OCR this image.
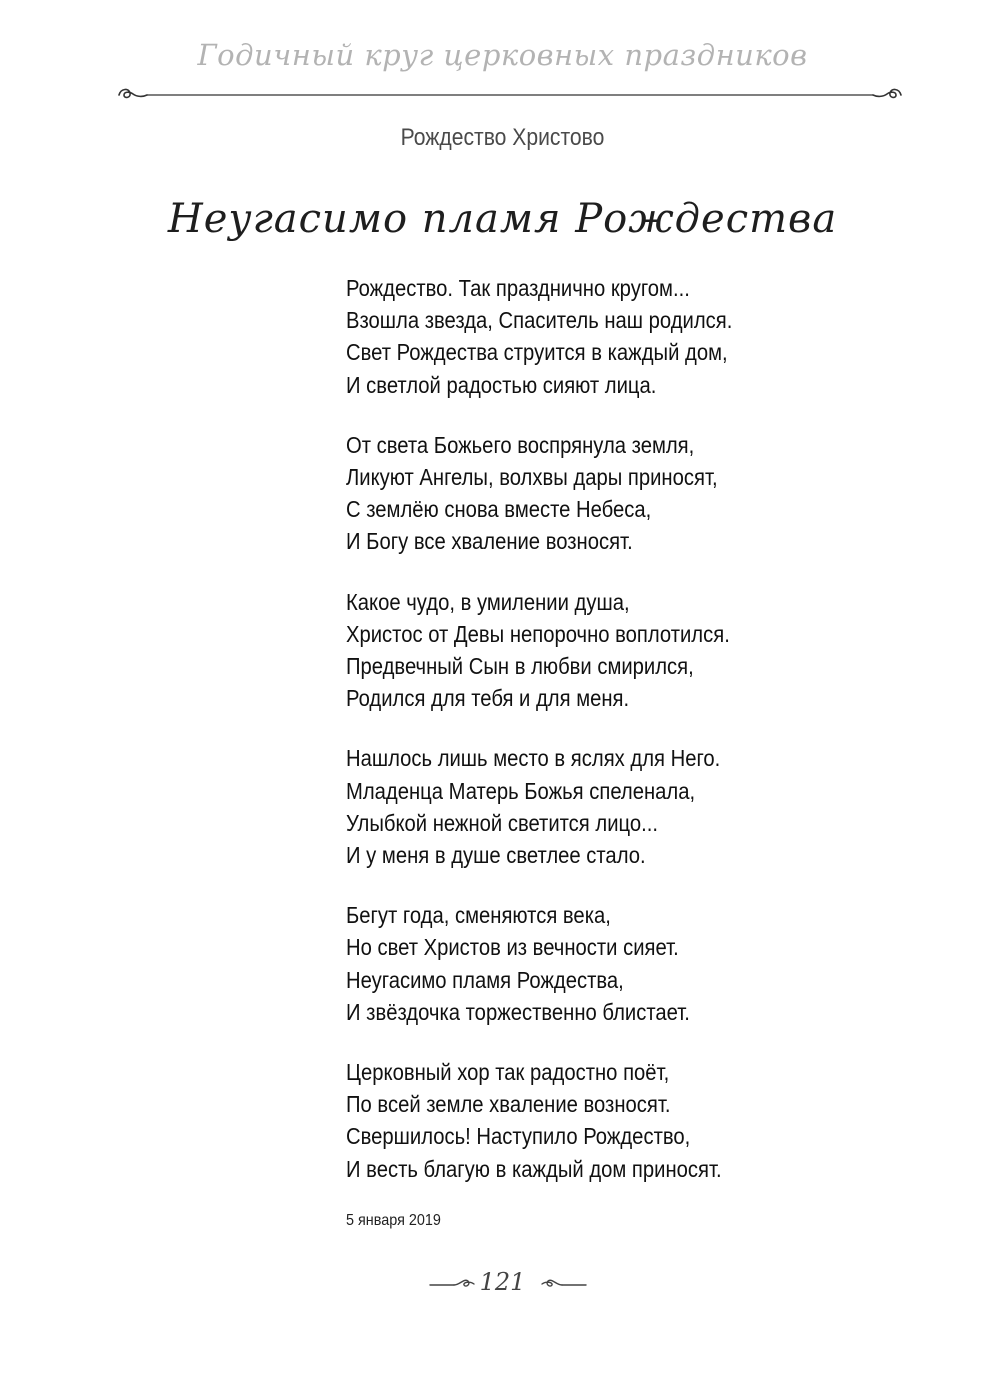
Годичный круг церковных праздников
Рождество Христово
Неугасимо пламя Рождества
Рождество. Так празднично кругом...
Взошла звезда, Спаситель наш родился.
Свет Рождества струится в каждый дом,
И светлой радостью сияют лица.
От света Божьего воспрянула земля,
Ликуют Ангелы, волхвы дары приносят,
С землёю снова вместе Небеса,
И Богу все хваление возносят.
Какое чудо, в умилении душа,
Христос от Девы непорочно воплотился.
Предвечный Сын в любви смирился,
Родился для тебя и для меня.
Нашлось лишь место в яслях для Него.
Младенца Матерь Божья спеленала,
Улыбкой нежной светится лицо...
И у меня в душе светлее стало.
Бегут года, сменяются века,
Но свет Христов из вечности сияет.
Неугасимо пламя Рождества,
И звёздочка торжественно блистает.
Церковный хор так радостно поёт,
По всей земле хваление возносят.
Свершилось! Наступило Рождество,
И весть благую в каждый дом приносят.
5 января 2019
121
